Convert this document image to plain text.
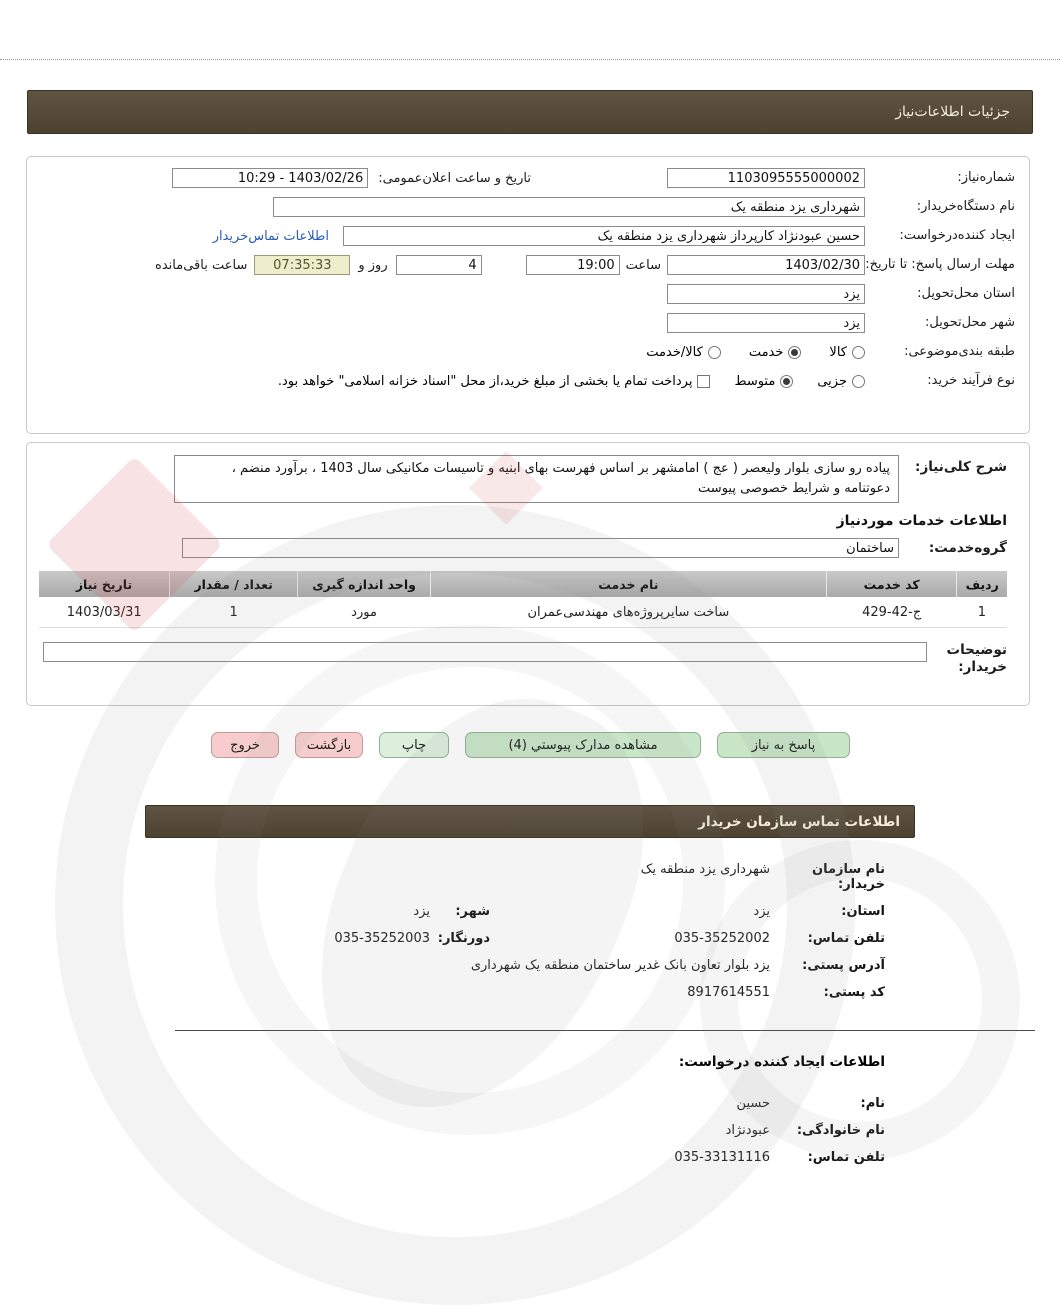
جزئیات اطلاعات‌نیاز
شماره‌نیاز:
1103095555000002
تاریخ و ساعت اعلان‌عمومی:
10:29 - 1403/02/26
نام دستگاه‌خریدار:
شهرداری یزد منطقه یک
ایجاد کننده‌درخواست:
حسین عبودنژاد کارپرداز شهرداری یزد منطقه یک
اطلاعات تماس‌خریدار
مهلت ارسال پاسخ: تا تاریخ:
1403/02/30
ساعت
19:00
4
روز و
07:35:33
ساعت باقی‌مانده
استان محل‌تحویل:
یزد
شهر محل‌تحویل:
یزد
طبقه بندی‌موضوعی:
کالا
خدمت
کالا/خدمت
نوع فرآیند خرید:
جزیی
متوسط
پرداخت تمام یا بخشی از مبلغ خرید،از محل "اسناد خزانه اسلامی" خواهد بود.
شرح كلی‌نیاز:
پیاده رو سازی بلوار ولیعصر ( عج ) امامشهر بر اساس فهرست بهای ابنیه و تاسیسات مکانیکی سال 1403 ، برآورد منضم ، دعوتنامه و شرایط خصوصی پیوست
اطلاعات خدمات موردنیاز
گروه‌خدمت:
ساختمان
ردیف	کد خدمت	نام خدمت	واحد اندازه گیری	تعداد / مقدار	تاریخ نیاز
1	ج-42-429	ساخت سایرپروژه‌های مهندسی‌عمران	مورد	1	1403/03/31
توضیحات خریدار:
پاسخ به نیاز
مشاهده مدارک پیوستي (4)
چاپ
بازگشت
خروج
اطلاعات تماس سازمان خریدار
نام سازمان خریدار:
شهرداری یزد منطقه یک
استان:
یزد
شهر:
یزد
تلفن تماس:
035-35252002
دورنگار:
035-35252003
آدرس پستی:
یزد بلوار تعاون بانک غدیر ساختمان منطقه یک شهرداری
کد پستی:
8917614551
اطلاعات ایجاد کننده درخواست:
نام:
حسین
نام خانوادگی:
عبودنژاد
تلفن تماس:
035-33131116
